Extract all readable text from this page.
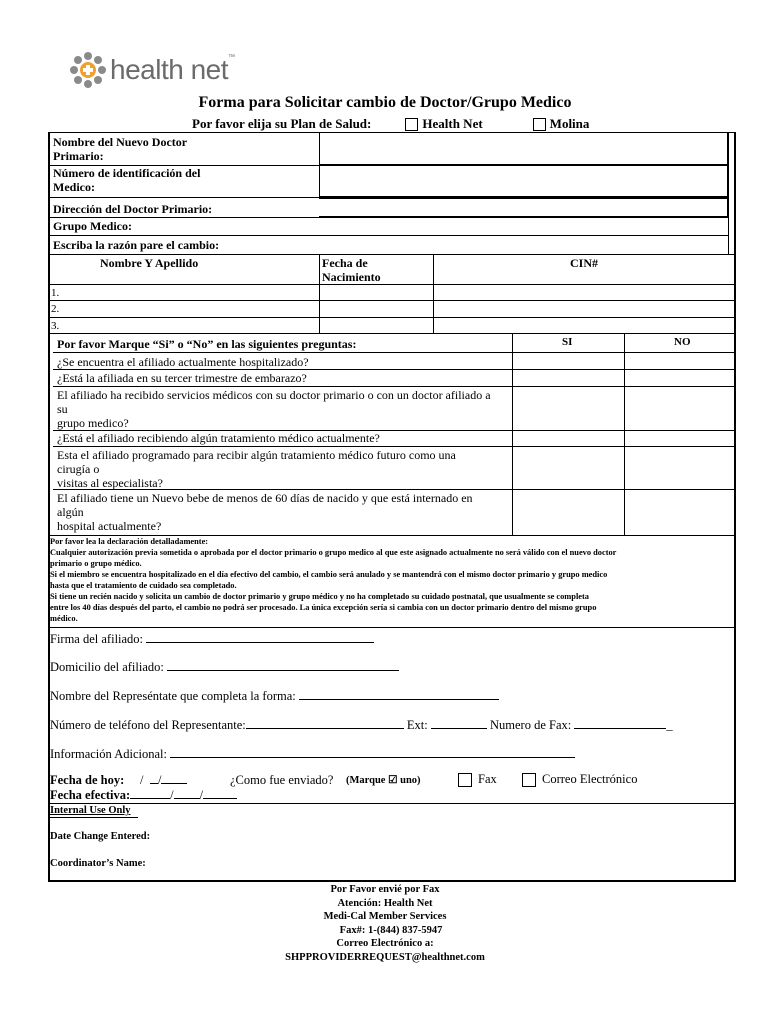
health net™
Forma para Solicitar cambio de Doctor/Grupo Medico
Por favor elija su Plan de Salud:	Health Net	Molina
Nombre del Nuevo Doctor
Primario:
Número de identificación del
Medico:
Dirección del Doctor Primario:
Grupo Medico:
Escriba la razón pare el cambio:
Nombre Y Apellido	Fecha de
Nacimiento
CIN#
1.
2.
3.
Por favor Marque “Si” o “No” en las siguientes preguntas:	SI	NO
¿Se encuentra el afiliado actualmente hospitalizado?
¿Está la afiliada en su tercer trimestre de embarazo?
El afiliado ha recibido servicios médicos con su doctor primario o con un doctor afiliado a
su
grupo medico?
¿Está el afiliado recibiendo algún tratamiento médico actualmente?
Esta el afiliado programado para recibir algún tratamiento médico futuro como una
cirugía o
visitas al especialista?
El afiliado tiene un Nuevo bebe de menos de 60 días de nacido y que está internado en
algún
hospital actualmente?
Por favor lea la declaración detalladamente:
Cualquier autorización previa sometida o aprobada por el doctor primario o grupo medico al que este asignado actualmente no será válido con el nuevo doctor
primario o grupo médico.
Si el miembro se encuentra hospitalizado en el día efectivo del cambio, el cambio será anulado y se mantendrá con el mismo doctor primario y grupo medico
hasta que el tratamiento de cuidado sea completado.
Si tiene un recién nacido y solicita un cambio de doctor primario y grupo médico y no ha completado su cuidado postnatal, que usualmente se completa
entre los 40 días después del parto, el cambio no podrá ser procesado. La única excepción sería si cambia con un doctor primario dentro del mismo grupo
médico.
Firma del afiliado:
Domicilio del afiliado:
Nombre del Represéntate que completa la forma:
Número de teléfono del Representante:	Ext:	Numero de Fax:	_
Información Adicional:
Fecha de hoy: /	/	¿Como fue enviado? (Marque ☑ uno)	Fax	Correo Electrónico
Fecha efectiva:	/ /
Internal Use Only
Date Change Entered:
Coordinator’s Name:
Por Favor envié por Fax
Atención: Health Net
Medi-Cal Member Services
Fax#: 1-(844) 837-5947
Correo Electrónico a:
SHPPROVIDERREQUEST@healthnet.com
